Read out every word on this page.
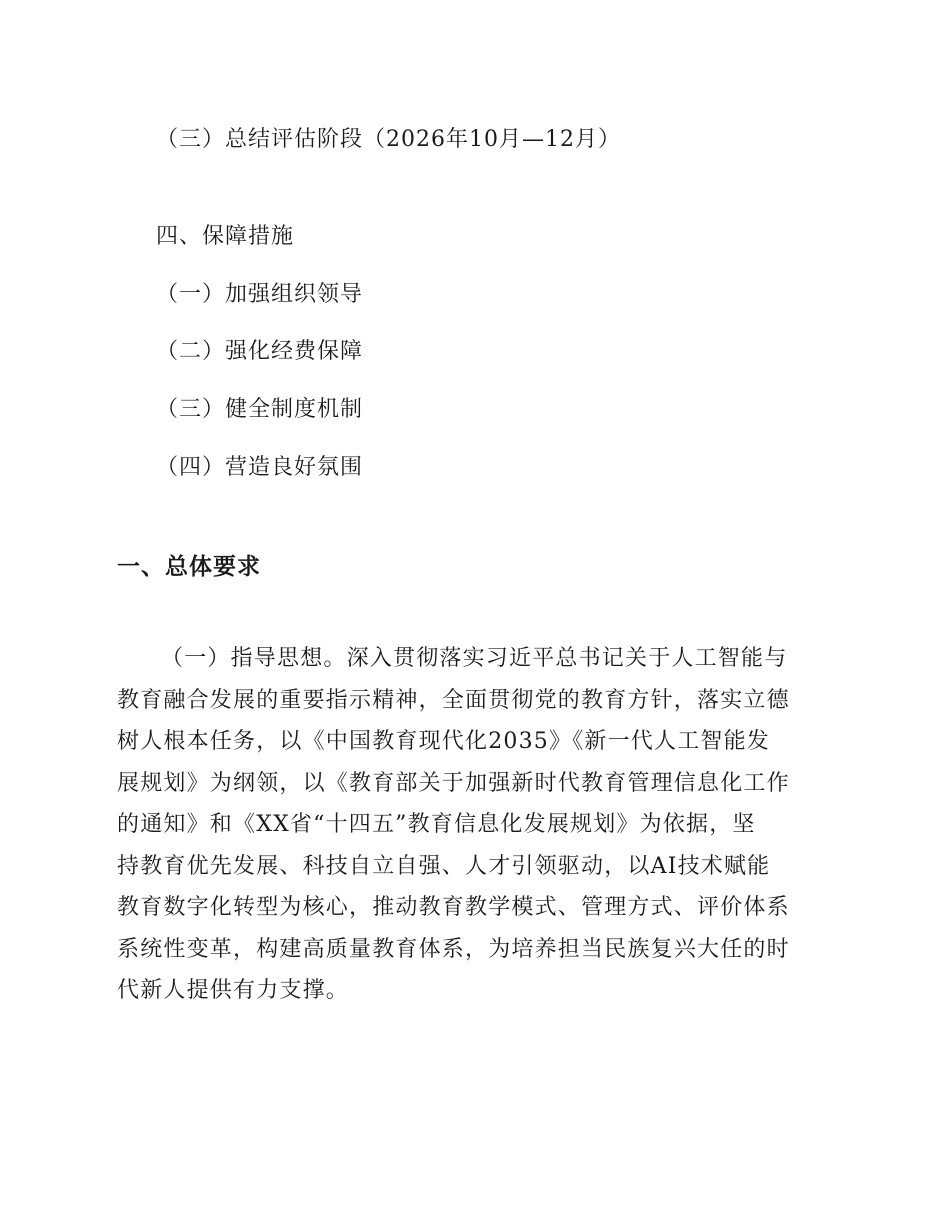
（三）总结评估阶段（2026年10月—12月）
四、保障措施
（一）加强组织领导
（二）强化经费保障
（三）健全制度机制
（四）营造良好氛围
一、总体要求
（一）指导思想。深入贯彻落实习近平总书记关于人工智能与
教育融合发展的重要指示精神，全面贯彻党的教育方针，落实立德
树人根本任务，以《中国教育现代化2035》《新一代人工智能发
展规划》为纲领，以《教育部关于加强新时代教育管理信息化工作
的通知》和《XX省“十四五”教育信息化发展规划》为依据，坚
持教育优先发展、科技自立自强、人才引领驱动，以AI技术赋能
教育数字化转型为核心，推动教育教学模式、管理方式、评价体系
系统性变革，构建高质量教育体系，为培养担当民族复兴大任的时
代新人提供有力支撑。
